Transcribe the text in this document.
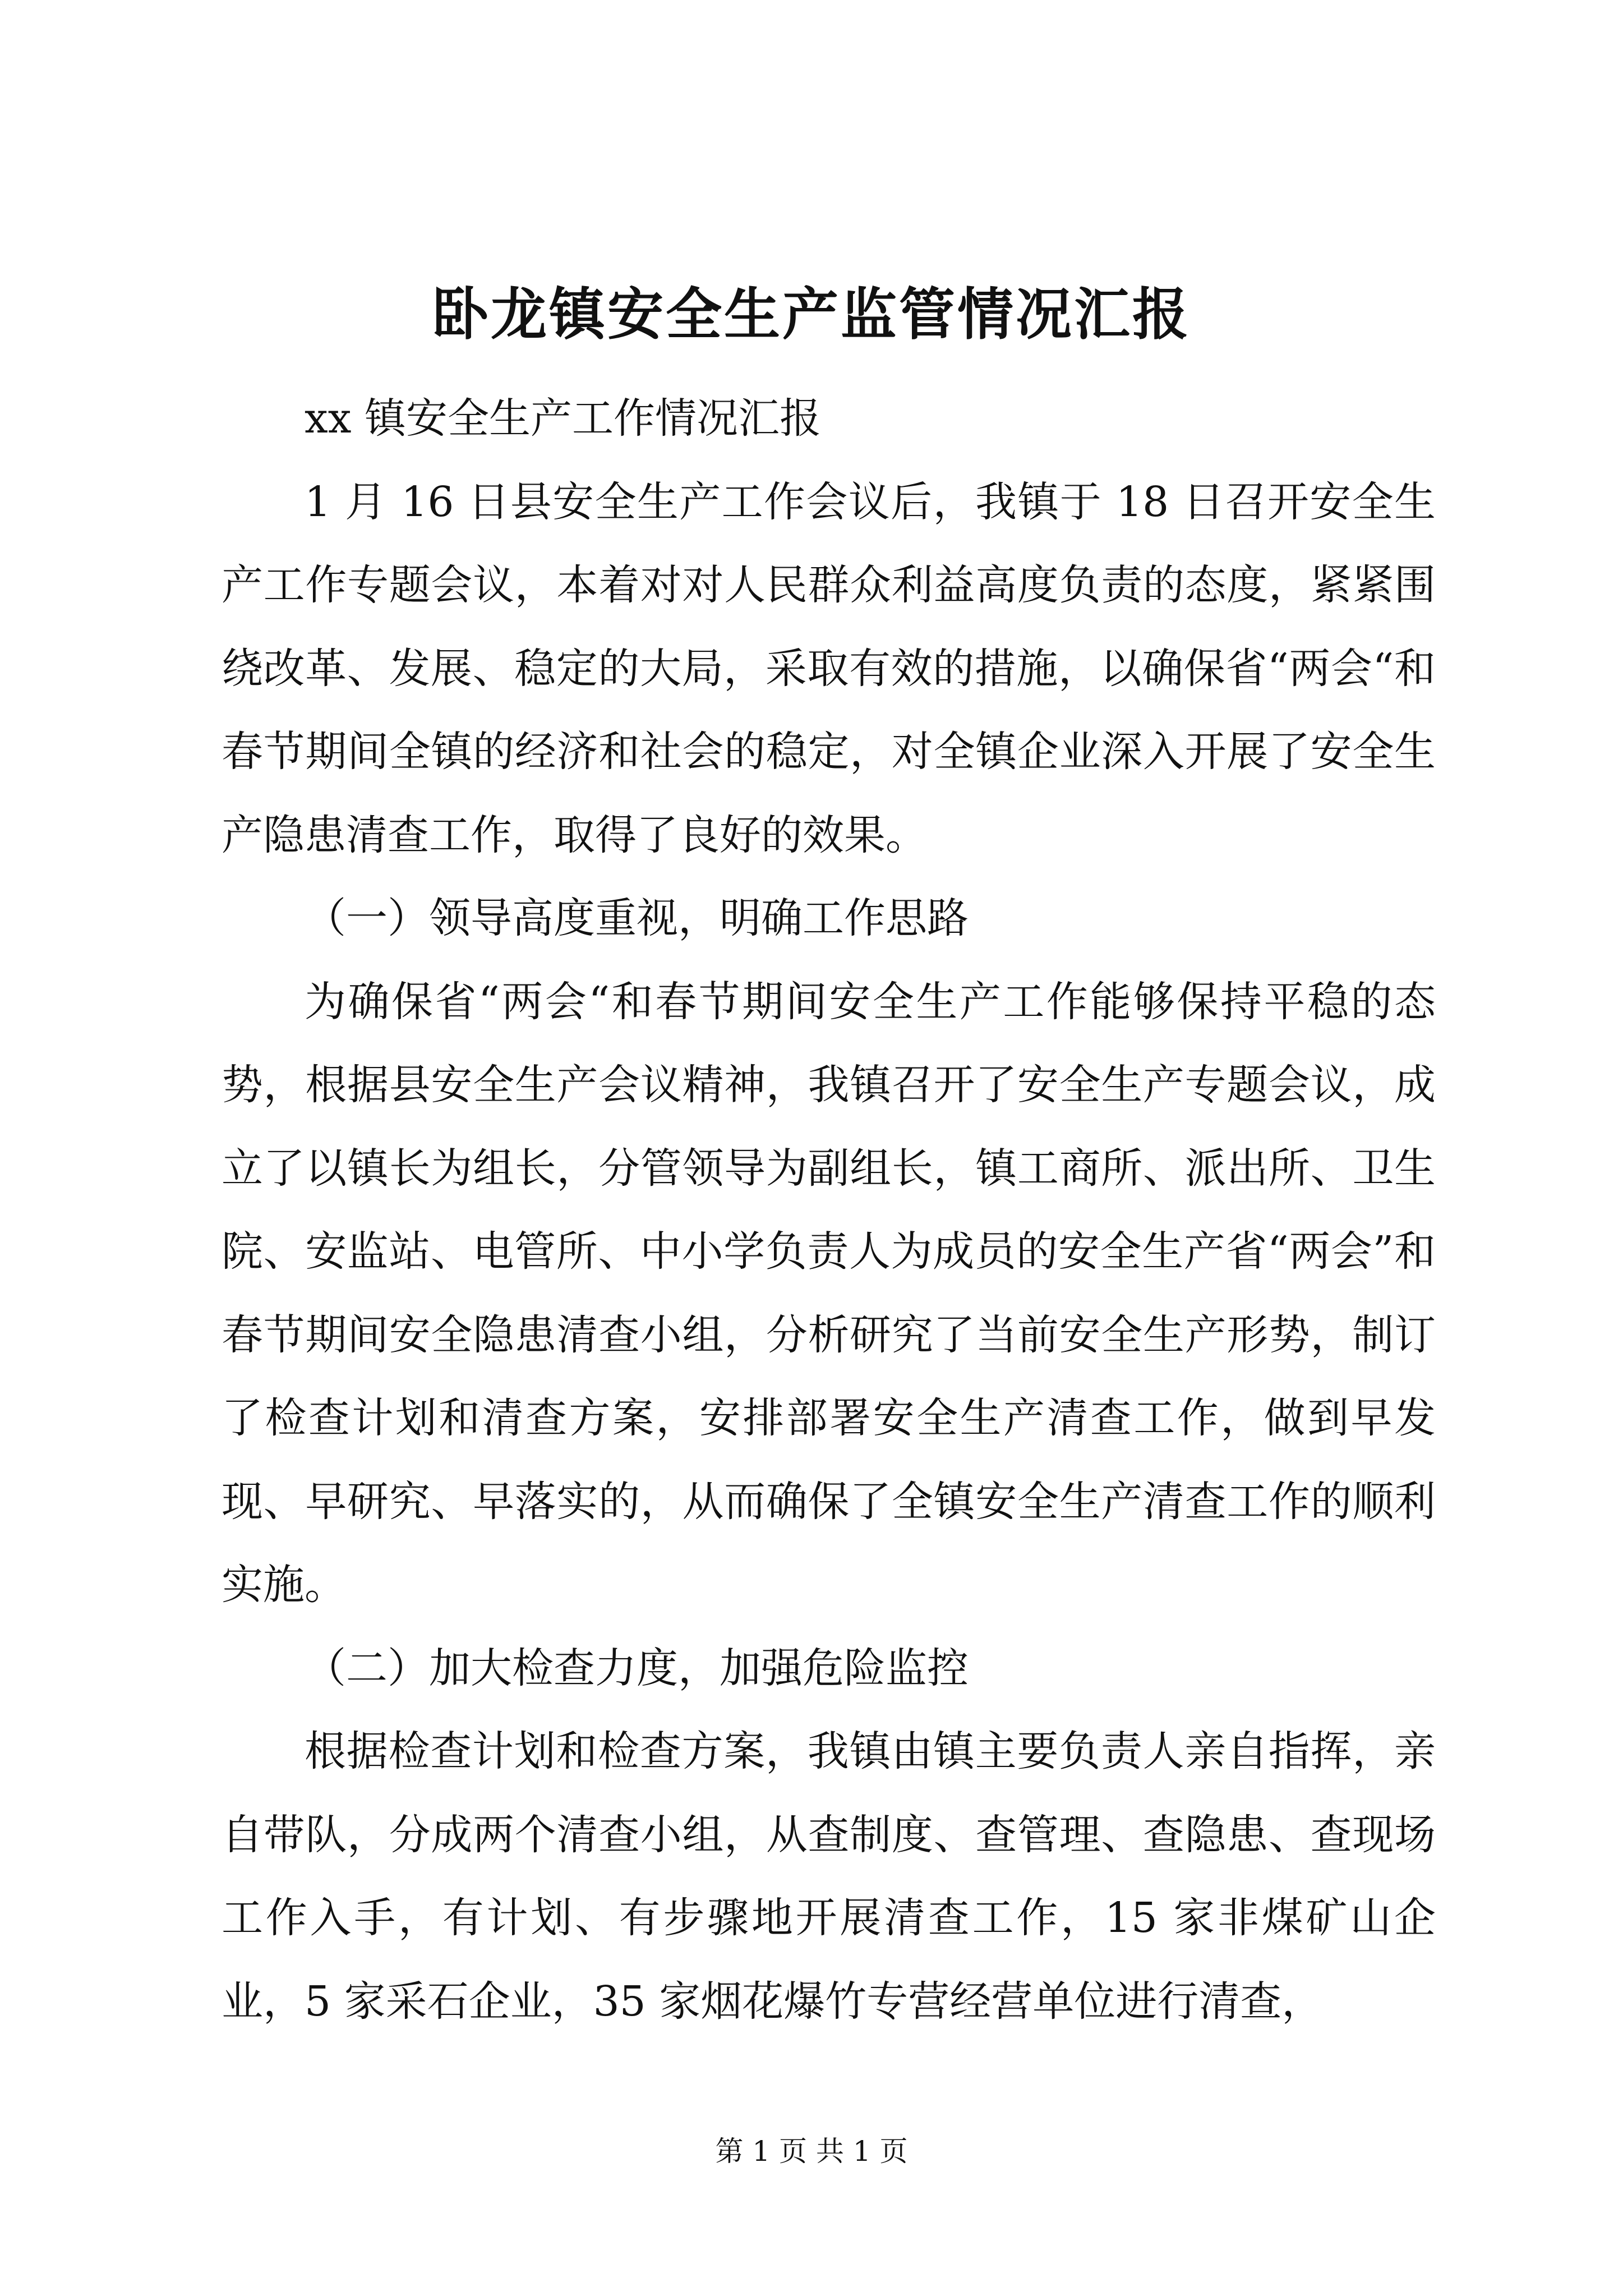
卧龙镇安全生产监管情况汇报

xx 镇安全生产工作情况汇报

1 月 16 日县安全生产工作会议后，我镇于 18 日召开安全生产工作专题会议，本着对对人民群众利益高度负责的态度，紧紧围绕改革、发展、稳定的大局，采取有效的措施，以确保省“两会“和春节期间全镇的经济和社会的稳定，对全镇企业深入开展了安全生产隐患清查工作，取得了良好的效果。

（一）领导高度重视，明确工作思路

为确保省“两会“和春节期间安全生产工作能够保持平稳的态势，根据县安全生产会议精神，我镇召开了安全生产专题会议，成立了以镇长为组长，分管领导为副组长，镇工商所、派出所、卫生院、安监站、电管所、中小学负责人为成员的安全生产省“两会”和春节期间安全隐患清查小组，分析研究了当前安全生产形势，制订了检查计划和清查方案，安排部署安全生产清查工作，做到早发现、早研究、早落实的，从而确保了全镇安全生产清查工作的顺利实施。

（二）加大检查力度，加强危险监控

根据检查计划和检查方案，我镇由镇主要负责人亲自指挥，亲自带队，分成两个清查小组，从查制度、查管理、查隐患、查现场工作入手，有计划、有步骤地开展清查工作，15 家非煤矿山企业，5 家采石企业，35 家烟花爆竹专营经营单位进行清查，

第 1 页 共 1 页
